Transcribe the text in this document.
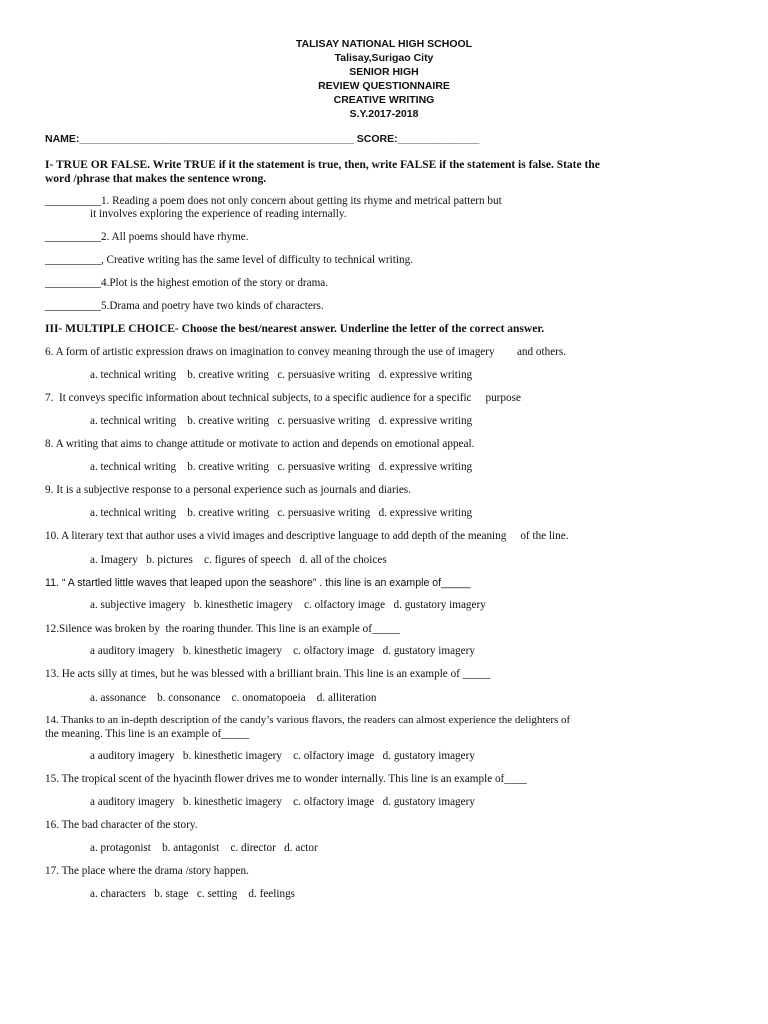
TALISAY NATIONAL HIGH SCHOOL
Talisay,Surigao City
SENIOR HIGH
REVIEW QUESTIONNAIRE
CREATIVE WRITING
S.Y.2017-2018
NAME:_______________________________________________ SCORE:______________
I- TRUE OR FALSE. Write TRUE if it the statement is true, then, write FALSE if the statement is false. State the
word /phrase that makes the sentence wrong.
__________1. Reading a poem does not only concern about getting its rhyme and metrical pattern but
it involves exploring the experience of reading internally.
__________2. All poems should have rhyme.
__________, Creative writing has the same level of difficulty to technical writing.
__________4.Plot is the highest emotion of the story or drama.
__________5.Drama and poetry have two kinds of characters.
III- MULTIPLE CHOICE- Choose the best/nearest answer. Underline the letter of the correct answer.
6. A form of artistic expression draws on imagination to convey meaning through the use of imagery        and others.
a. technical writing    b. creative writing   c. persuasive writing   d. expressive writing
7.  It conveys specific information about technical subjects, to a specific audience for a specific     purpose
a. technical writing    b. creative writing   c. persuasive writing   d. expressive writing
8. A writing that aims to change attitude or motivate to action and depends on emotional appeal.
a. technical writing    b. creative writing   c. persuasive writing   d. expressive writing
9. It is a subjective response to a personal experience such as journals and diaries.
a. technical writing    b. creative writing   c. persuasive writing   d. expressive writing
10. A literary text that author uses a vivid images and descriptive language to add depth of the meaning     of the line.
a. Imagery   b. pictures    c. figures of speech   d. all of the choices
11. “ A startled little waves that leaped upon the seashore” . this line is an example of_____
a. subjective imagery   b. kinesthetic imagery    c. olfactory image   d. gustatory imagery
12.Silence was broken by  the roaring thunder. This line is an example of_____
a auditory imagery   b. kinesthetic imagery    c. olfactory image   d. gustatory imagery
13. He acts silly at times, but he was blessed with a brilliant brain. This line is an example of _____
a. assonance    b. consonance    c. onomatopoeia    d. alliteration
14. Thanks to an in-depth description of the candy’s various flavors, the readers can almost experience the delighters of
the meaning. This line is an example of_____
a auditory imagery   b. kinesthetic imagery    c. olfactory image   d. gustatory imagery
15. The tropical scent of the hyacinth flower drives me to wonder internally. This line is an example of____
a auditory imagery   b. kinesthetic imagery    c. olfactory image   d. gustatory imagery
16. The bad character of the story.
a. protagonist    b. antagonist    c. director   d. actor
17. The place where the drama /story happen.
a. characters   b. stage   c. setting    d. feelings
